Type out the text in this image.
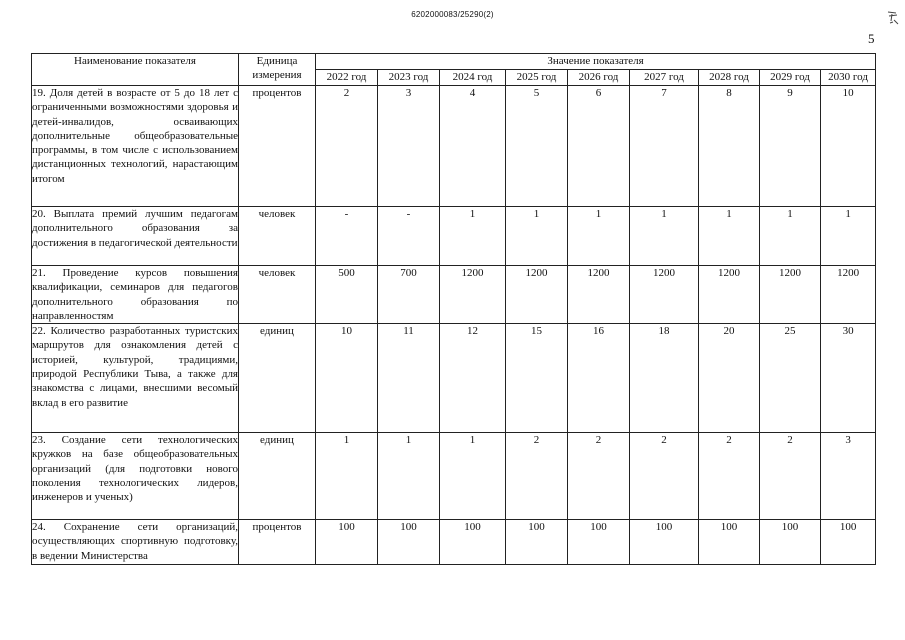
6202000083/25290(2)
5
Наименование показателя	Единица измерения	Значение показателя								
		2022 год	2023 год	2024 год	2025 год	2026 год	2027 год	2028 год	2029 год	2030 год
19. Доля детей в возрасте от 5 до 18 лет с ограниченными возможностями здоровья и детей-инвалидов, осваивающих дополнительные общеобразовательные программы, в том числе с использованием дистанционных технологий, нарастающим итогом	процентов	2	3	4	5	6	7	8	9	10
20. Выплата премий лучшим педагогам дополнительного образования за достижения в педагогической деятельности	человек	-	-	1	1	1	1	1	1	1
21. Проведение курсов повышения квалификации, семинаров для педагогов дополнительного образования по направленностям	человек	500	700	1200	1200	1200	1200	1200	1200	1200
22. Количество разработанных туристских маршрутов для ознакомления детей с историей, культурой, традициями, природой Республики Тыва, а также для знакомства с лицами, внесшими весомый вклад в его развитие	единиц	10	11	12	15	16	18	20	25	30
23. Создание сети технологических кружков на базе общеобразовательных организаций (для подготовки нового поколения технологических лидеров, инженеров и ученых)	единиц	1	1	1	2	2	2	2	2	3
24. Сохранение сети организаций, осуществляющих спортивную подготовку, в ведении Министерства	процентов	100	100	100	100	100	100	100	100	100
